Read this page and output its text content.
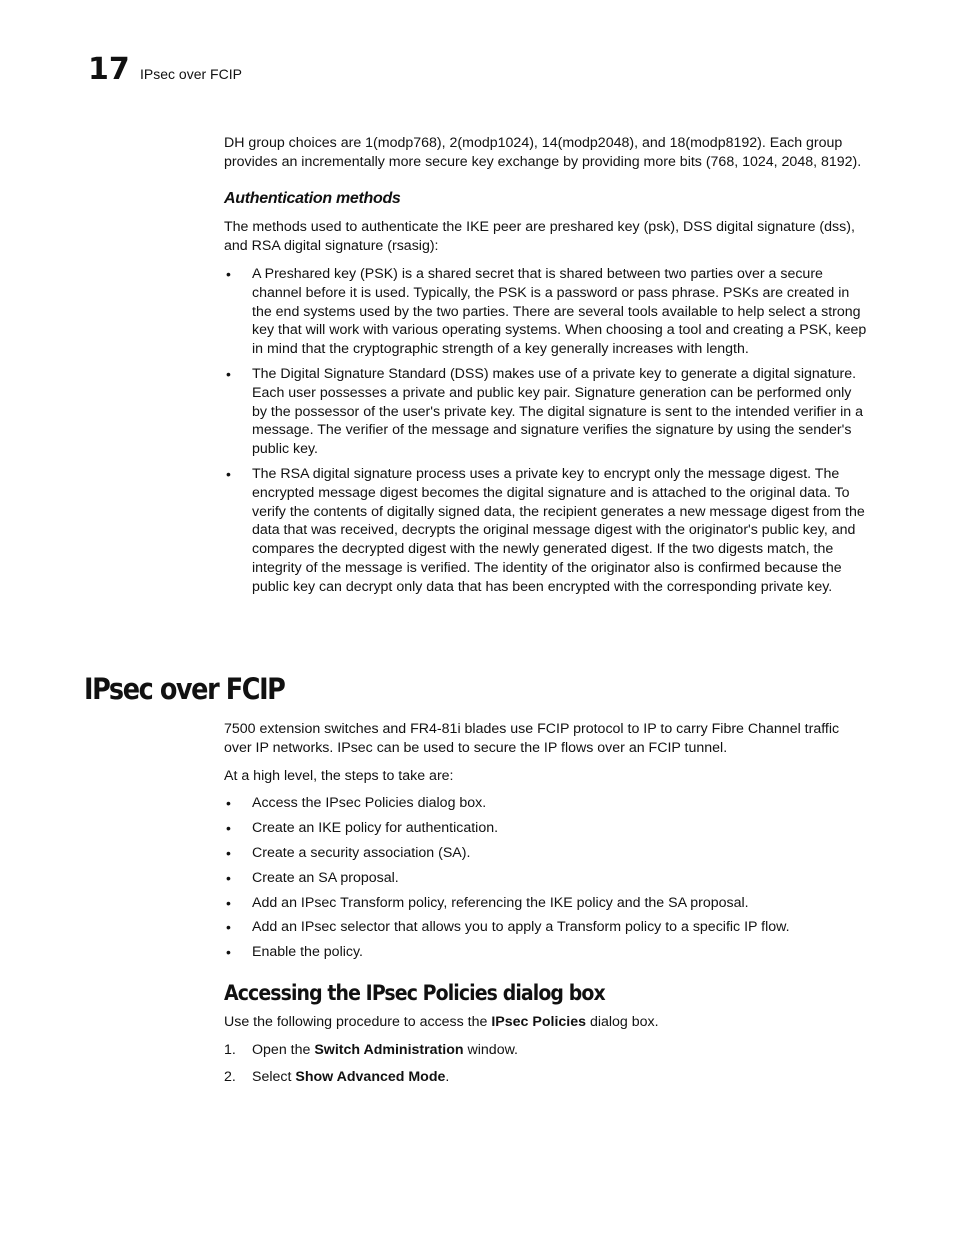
17 IPsec over FCIP

DH group choices are 1(modp768), 2(modp1024), 14(modp2048), and 18(modp8192). Each group provides an incrementally more secure key exchange by providing more bits (768, 1024, 2048, 8192).

Authentication methods

The methods used to authenticate the IKE peer are preshared key (psk), DSS digital signature (dss), and RSA digital signature (rsasig):

• A Preshared key (PSK) is a shared secret that is shared between two parties over a secure channel before it is used. Typically, the PSK is a password or pass phrase. PSKs are created in the end systems used by the two parties. There are several tools available to help select a strong key that will work with various operating systems. When choosing a tool and creating a PSK, keep in mind that the cryptographic strength of a key generally increases with length.
• The Digital Signature Standard (DSS) makes use of a private key to generate a digital signature. Each user possesses a private and public key pair. Signature generation can be performed only by the possessor of the user's private key. The digital signature is sent to the intended verifier in a message. The verifier of the message and signature verifies the signature by using the sender's public key.
• The RSA digital signature process uses a private key to encrypt only the message digest. The encrypted message digest becomes the digital signature and is attached to the original data. To verify the contents of digitally signed data, the recipient generates a new message digest from the data that was received, decrypts the original message digest with the originator's public key, and compares the decrypted digest with the newly generated digest. If the two digests match, the integrity of the message is verified. The identity of the originator also is confirmed because the public key can decrypt only data that has been encrypted with the corresponding private key.
IPsec over FCIP

7500 extension switches and FR4-81i blades use FCIP protocol to IP to carry Fibre Channel traffic over IP networks. IPsec can be used to secure the IP flows over an FCIP tunnel.

At a high level, the steps to take are:

• Access the IPsec Policies dialog box.
• Create an IKE policy for authentication.
• Create a security association (SA).
• Create an SA proposal.
• Add an IPsec Transform policy, referencing the IKE policy and the SA proposal.
• Add an IPsec selector that allows you to apply a Transform policy to a specific IP flow.
• Enable the policy.
Accessing the IPsec Policies dialog box

Use the following procedure to access the IPsec Policies dialog box.

1. Open the Switch Administration window.
2. Select Show Advanced Mode.
